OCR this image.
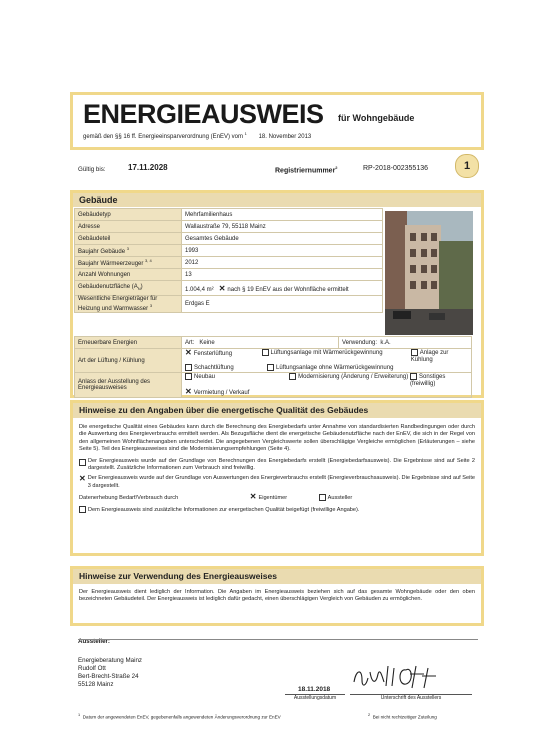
ENERGIEAUSWEIS für Wohngebäude
gemäß den §§ 16 ff. Energieeinsparverordnung (EnEV) vom $^1$ 18. November 2013
Gültig bis:	17.11.2028	Registriernummer$^2$	RP-2018-002355136	1
Gebäude
Gebäudetyp	Mehrfamilienhaus
Adresse	Wallaustraße 79, 55118 Mainz
Gebäudeteil	Gesamtes Gebäude
Baujahr Gebäude $^3$	1993
Baujahr Wärmeerzeuger $^{3, 4}$	2012
Anzahl Wohnungen	13
Gebäudenutzfläche $(A_N)$	1.004,4 m² ✕ nach § 19 EnEV aus der Wohnfläche ermittelt
Wesentliche Energieträger für Heizung und Warmwasser $^3$	Erdgas E
Erneuerbare Energien	Art: Keine	Verwendung: k.A.
Art der Lüftung / Kühlung	✕ Fensterlüftung Lüftungsanlage mit Wärmerückgewinnung Anlage zur Kühlung
Schachtlüftung Lüftungsanlage ohne Wärmerückgewinnung	

Anlass der Ausstellung des Energieausweises	Neubau Modernisierung (Änderung / Erweiterung) Sonstiges (freiwillig)
✕ Vermietung / Verkauf	
Hinweise zu den Angaben über die energetische Qualität des Gebäudes
Die energetische Qualität eines Gebäudes kann durch die Berechnung des Energiebedarfs unter Annahme von standardisierten Randbedingungen oder durch die Auswertung des Energieverbrauchs ermittelt werden. Als Bezugsfläche dient die energetische Gebäudenutzfläche nach der EnEV, die sich in der Regel von den allgemeinen Wohnflächenangaben unterscheidet. Die angegebenen Vergleichswerte sollen überschlägige Vergleiche ermöglichen (Erläuterungen – siehe Seite 5). Teil des Energieausweises sind die Modernisierungsempfehlungen (Seite 4).
Der Energieausweis wurde auf der Grundlage von Berechnungen des Energiebedarfs erstellt (Energiebedarfsausweis). Die Ergebnisse sind auf Seite 2 dargestellt. Zusätzliche Informationen zum Verbrauch sind freiwillig.
✕ Der Energieausweis wurde auf der Grundlage von Auswertungen des Energieverbrauchs erstellt (Energieverbrauchsausweis). Die Ergebnisse sind auf Seite 3 dargestellt.
Datenerhebung Bedarf/Verbrauch durch	✕ Eigentümer	Aussteller
Dem Energieausweis sind zusätzliche Informationen zur energetischen Qualität beigefügt (freiwillige Angabe).
Hinweise zur Verwendung des Energieausweises
Der Energieausweis dient lediglich der Information. Die Angaben im Energieausweis beziehen sich auf das gesamte Wohngebäude oder den oben bezeichneten Gebäudeteil. Der Energieausweis ist lediglich dafür gedacht, einen überschlägigen Vergleich von Gebäuden zu ermöglichen.
Aussteller:
Energieberatung Mainz
Rudolf Ott
Bert-Brecht-Straße 24
55128 Mainz
18.11.2018
Ausstellungsdatum	Unterschrift des Ausstellers
$^1$ Datum der angewendeten EnEV, gegebenenfalls angewendeten Änderungsverordnung zur EnEV	$^2$ Bei nicht rechtzeitiger Zuteilung
